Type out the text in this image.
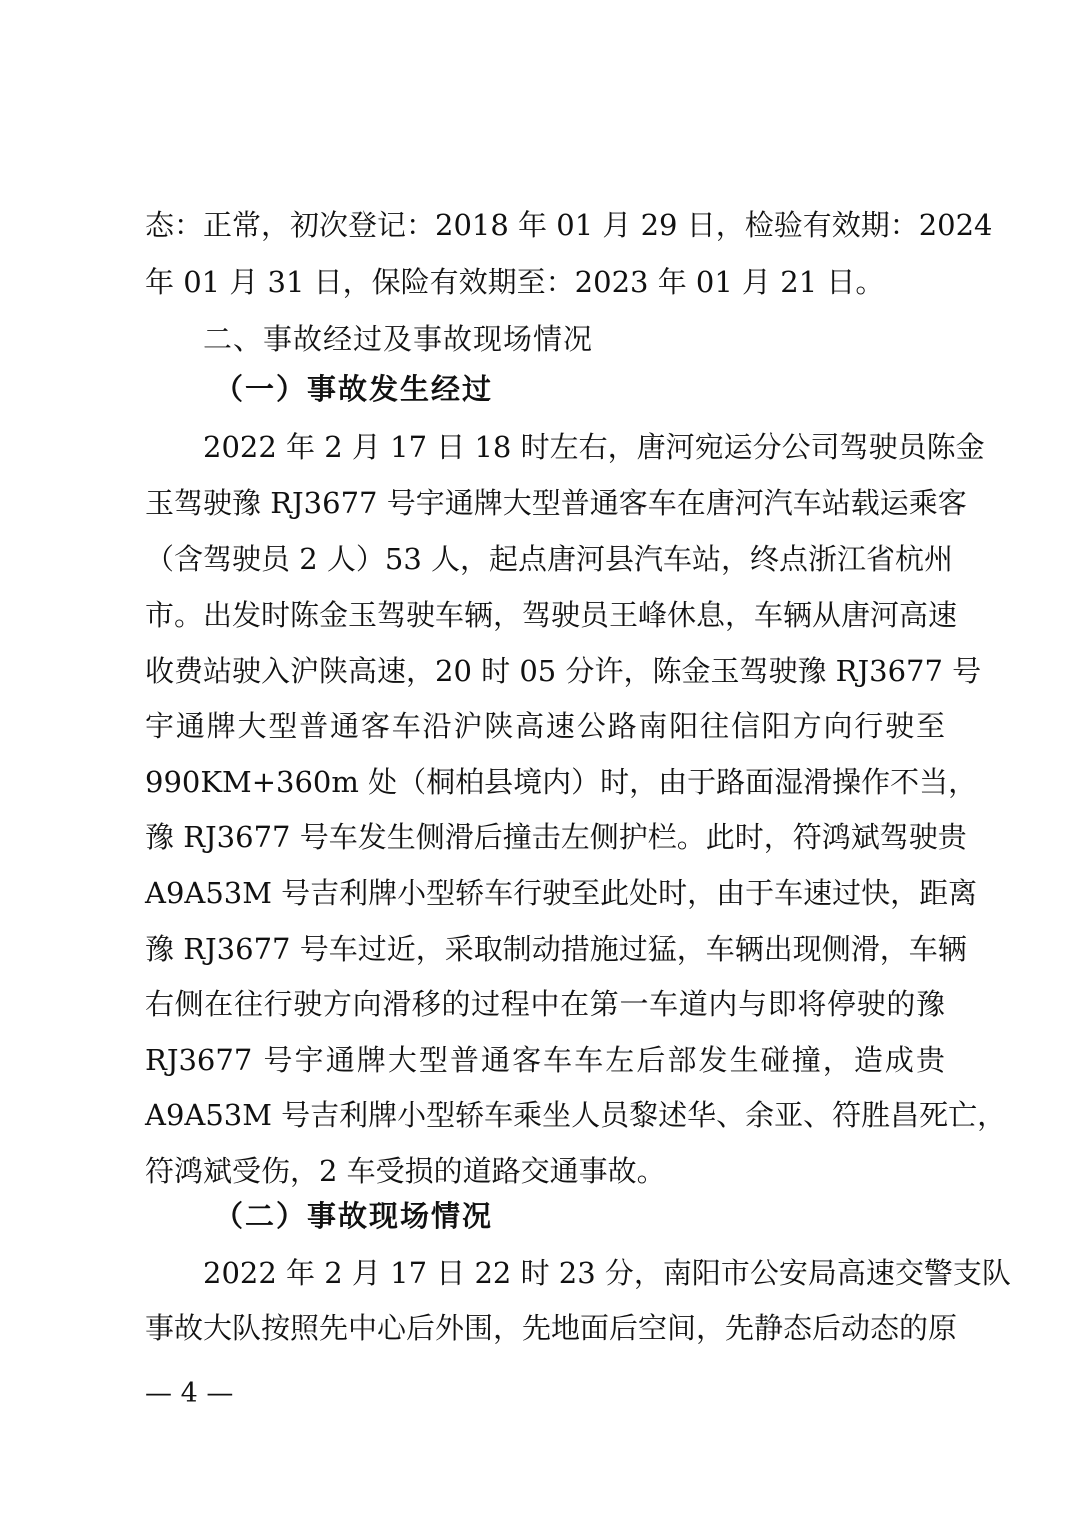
态：正常，初次登记：2018 年 01 月 29 日，检验有效期：2024
年 01 月 31 日，保险有效期至：2023 年 01 月 21 日。
二、事故经过及事故现场情况
（一）事故发生经过
2022 年 2 月 17 日 18 时左右，唐河宛运分公司驾驶员陈金
玉驾驶豫 RJ3677 号宇通牌大型普通客车在唐河汽车站载运乘客
（含驾驶员 2 人）53 人，起点唐河县汽车站，终点浙江省杭州
市。出发时陈金玉驾驶车辆，驾驶员王峰休息，车辆从唐河高速
收费站驶入沪陕高速，20 时 05 分许，陈金玉驾驶豫 RJ3677 号
宇通牌大型普通客车沿沪陕高速公路南阳往信阳方向行驶至
990KM+360m 处（桐柏县境内）时，由于路面湿滑操作不当，
豫 RJ3677 号车发生侧滑后撞击左侧护栏。此时，符鸿斌驾驶贵
A9A53M 号吉利牌小型轿车行驶至此处时，由于车速过快，距离
豫 RJ3677 号车过近，采取制动措施过猛，车辆出现侧滑，车辆
右侧在往行驶方向滑移的过程中在第一车道内与即将停驶的豫
RJ3677 号宇通牌大型普通客车车左后部发生碰撞，造成贵
A9A53M 号吉利牌小型轿车乘坐人员黎述华、余亚、符胜昌死亡，
符鸿斌受伤，2 车受损的道路交通事故。
（二）事故现场情况
2022 年 2 月 17 日 22 时 23 分，南阳市公安局高速交警支队
事故大队按照先中心后外围，先地面后空间，先静态后动态的原
— 4 —
